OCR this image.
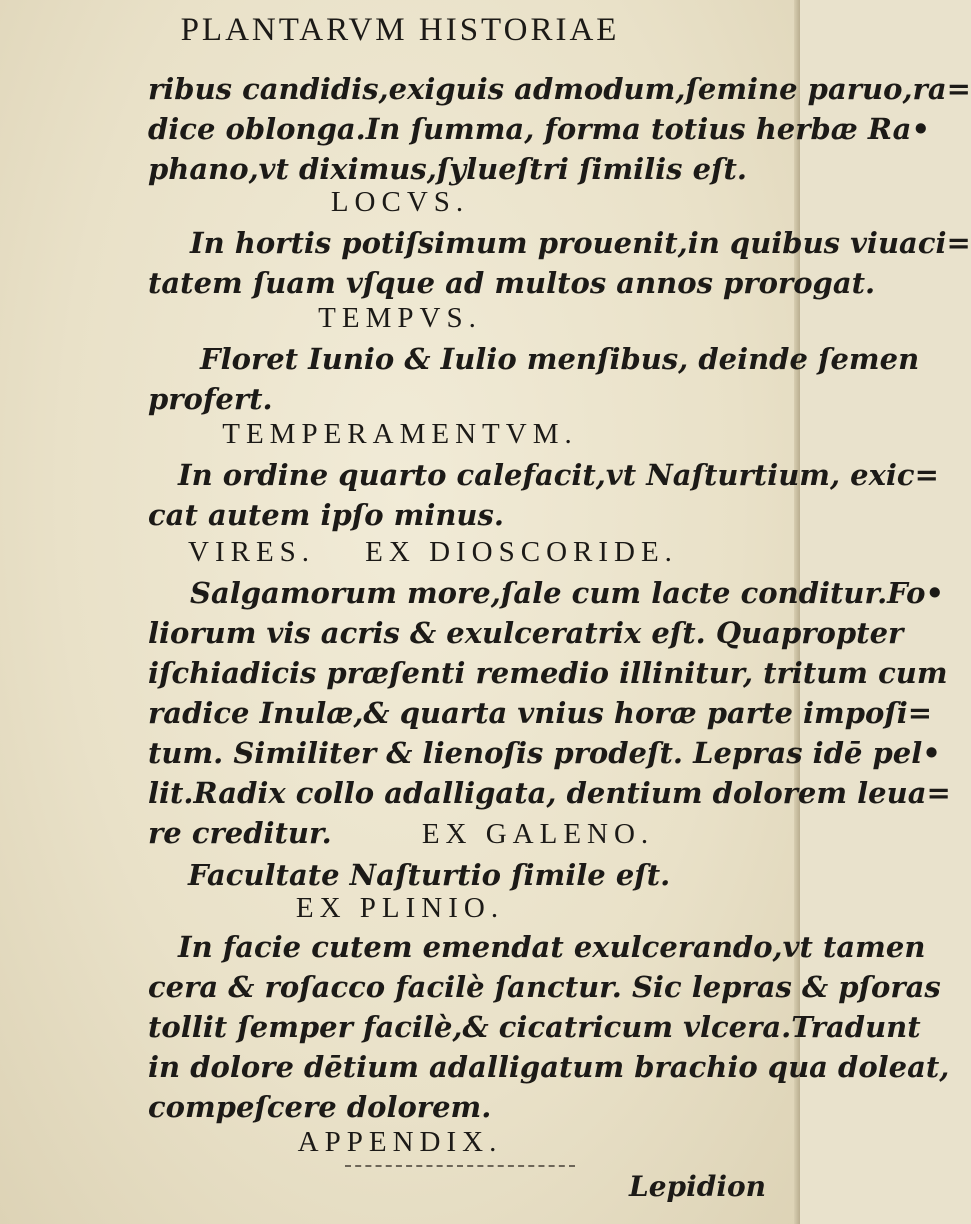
PLANTARVM HISTORIAE
ribus candidis,exiguis admodum,ſemine paruo,ra=
dice oblonga.In ſumma, forma totius herbæ Ra•
phano,vt diximus,ſylueſtri ſimilis eſt.
LOCVS.
In hortis potiſsimum prouenit,in quibus viuaci=
tatem ſuam vſque ad multos annos prorogat.
TEMPVS.
Floret Iunio & Iulio menſibus, deinde ſemen
profert.
TEMPERAMENTVM.
In ordine quarto calefacit,vt Naſturtium, exic=
cat autem ipſo minus.
VIRES. EX DIOSCORIDE.
Salgamorum more,ſale cum lacte conditur.Fo•
liorum vis acris & exulceratrix eſt. Quapropter
iſchiadicis præſenti remedio illinitur, tritum cum
radice Inulæ,& quarta vnius horæ parte impoſi=
tum. Similiter & lienoſis prodeſt. Lepras idē pel•
lit.Radix collo adalligata, dentium dolorem leua=
re creditur.	EX GALENO.
Facultate Naſturtio ſimile eſt.
EX PLINIO.
In facie cutem emendat exulcerando,vt tamen
cera & roſacco facilè ſanctur. Sic lepras & pſoras
tollit ſemper facilè,& cicatricum vlcera.Tradunt
in dolore dētium adalligatum brachio qua doleat,
compeſcere dolorem.
APPENDIX.
Lepidion
